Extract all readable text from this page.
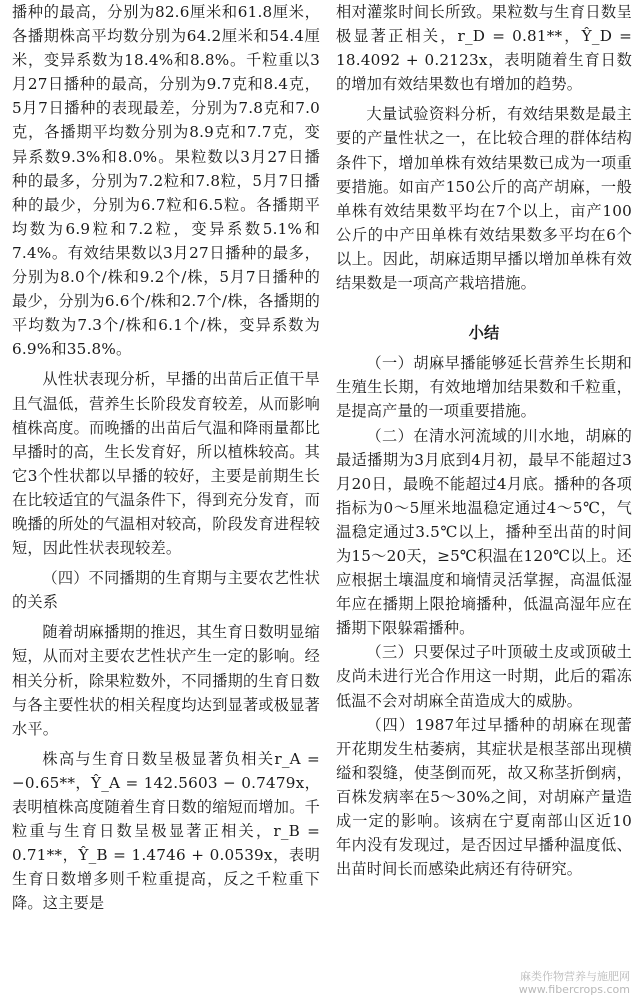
播种的最高，分别为82.6厘米和61.8厘米，各播期株高平均数分别为64.2厘米和54.4厘米，变异系数为18.4%和8.8%。千粒重以3月27日播种的最高，分别为9.7克和8.4克，5月7日播种的表现最差，分别为7.8克和7.0克，各播期平均数分别为8.9克和7.7克，变异系数9.3%和8.0%。果粒数以3月27日播种的最多，分别为7.2粒和7.8粒，5月7日播种的最少，分别为6.7粒和6.5粒。各播期平均数为6.9粒和7.2粒，变异系数5.1%和7.4%。有效结果数以3月27日播种的最多，分别为8.0个/株和9.2个/株，5月7日播种的最少，分别为6.6个/株和2.7个/株，各播期的平均数为7.3个/株和6.1个/株，变异系数为6.9%和35.8%。

从性状表现分析，早播的出苗后正值干旱且气温低，营养生长阶段发育较差，从而影响植株高度。而晚播的出苗后气温和降雨量都比早播时的高，生长发育好，所以植株较高。其它3个性状都以早播的较好，主要是前期生长在比较适宜的气温条件下，得到充分发育，而晚播的所处的气温相对较高，阶段发育进程较短，因此性状表现较差。

（四）不同播期的生育期与主要农艺性状的关系

随着胡麻播期的推迟，其生育日数明显缩短，从而对主要农艺性状产生一定的影响。经相关分析，除果粒数外，不同播期的生育日数与各主要性状的相关程度均达到显著或极显著水平。

株高与生育日数呈极显著负相关r_A = −0.65**，Ŷ_A = 142.5603 − 0.7479x，表明植株高度随着生育日数的缩短而增加。千粒重与生育日数呈极显著正相关，r_B = 0.71**，Ŷ_B = 1.4746 + 0.0539x，表明生育日数增多则千粒重提高，反之千粒重下降。这主要是

相对灌浆时间长所致。果粒数与生育日数呈极显著正相关，r_D = 0.81**，Ŷ_D = 18.4092 + 0.2123x，表明随着生育日数的增加有效结果数也有增加的趋势。

大量试验资料分析，有效结果数是最主要的产量性状之一，在比较合理的群体结构条件下，增加单株有效结果数已成为一项重要措施。如亩产150公斤的高产胡麻，一般单株有效结果数平均在7个以上，亩产100公斤的中产田单株有效结果数多平均在6个以上。因此，胡麻适期早播以增加单株有效结果数是一项高产栽培措施。

小结

（一）胡麻早播能够延长营养生长期和生殖生长期，有效地增加结果数和千粒重，是提高产量的一项重要措施。

（二）在清水河流域的川水地，胡麻的最适播期为3月底到4月初，最早不能超过3月20日，最晚不能超过4月底。播种的各项指标为0～5厘米地温稳定通过4～5℃，气温稳定通过3.5℃以上，播种至出苗的时间为15～20天，≥5℃积温在120℃以上。还应根据土壤温度和墒情灵活掌握，高温低湿年应在播期上限抢墒播种，低温高湿年应在播期下限躲霜播种。

（三）只要保过子叶顶破土皮或顶破土皮尚未进行光合作用这一时期，此后的霜冻低温不会对胡麻全苗造成大的威胁。

（四）1987年过早播种的胡麻在现蕾开花期发生枯萎病，其症状是根茎部出现横缢和裂缝，使茎倒而死，故又称茎折倒病，百株发病率在5～30%之间，对胡麻产量造成一定的影响。该病在宁夏南部山区近10年内没有发现过，是否因过早播种温度低、出苗时间长而感染此病还有待研究。

麻类作物营养与施肥网
www.fibercrops.com
